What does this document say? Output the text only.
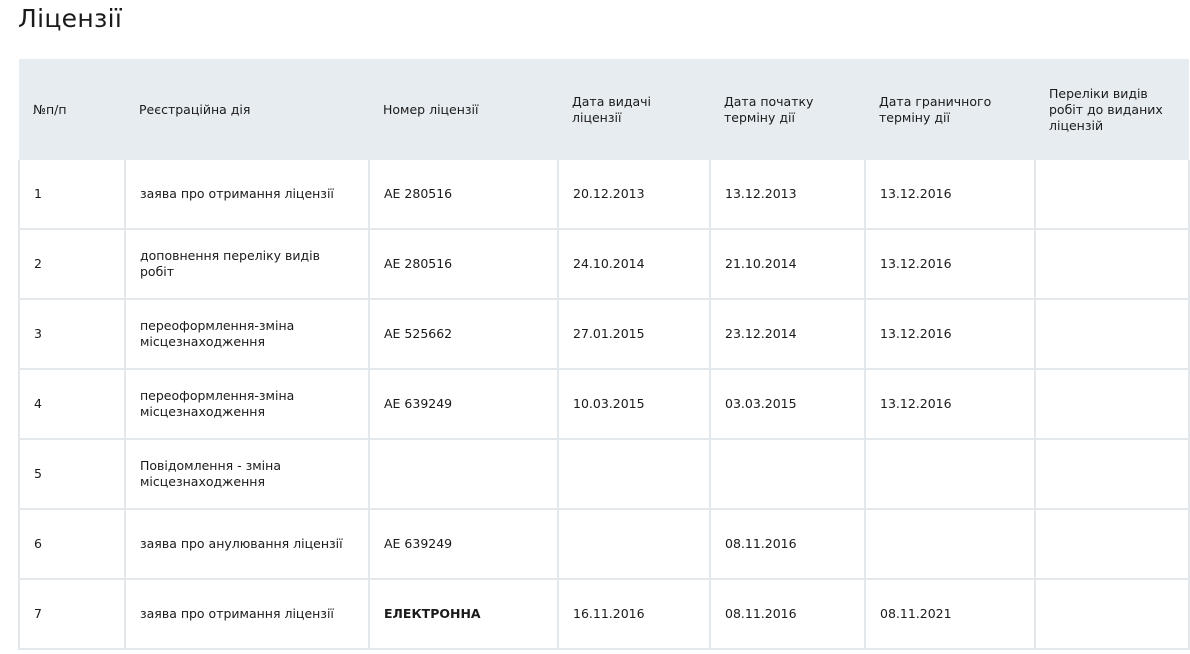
Ліцензії
№п/п	Реєстраційна дія	Номер ліцензії	Дата видачі ліцензії	Дата початку терміну дії	Дата граничного терміну дії	Переліки видів робіт до виданих ліцензій
1	заява про отримання ліцензії	АЕ 280516	20.12.2013	13.12.2013	13.12.2016	
2	доповнення переліку видів робіт	АЕ 280516	24.10.2014	21.10.2014	13.12.2016	
3	переоформлення-зміна місцезнаходження	АЕ 525662	27.01.2015	23.12.2014	13.12.2016	
4	переоформлення-зміна місцезнаходження	АЕ 639249	10.03.2015	03.03.2015	13.12.2016	
5	Повідомлення - зміна місцезнаходження					
6	заява про анулювання ліцензії	АЕ 639249		08.11.2016		
7	заява про отримання ліцензії	ЕЛЕКТРОННА	16.11.2016	08.11.2016	08.11.2021	
